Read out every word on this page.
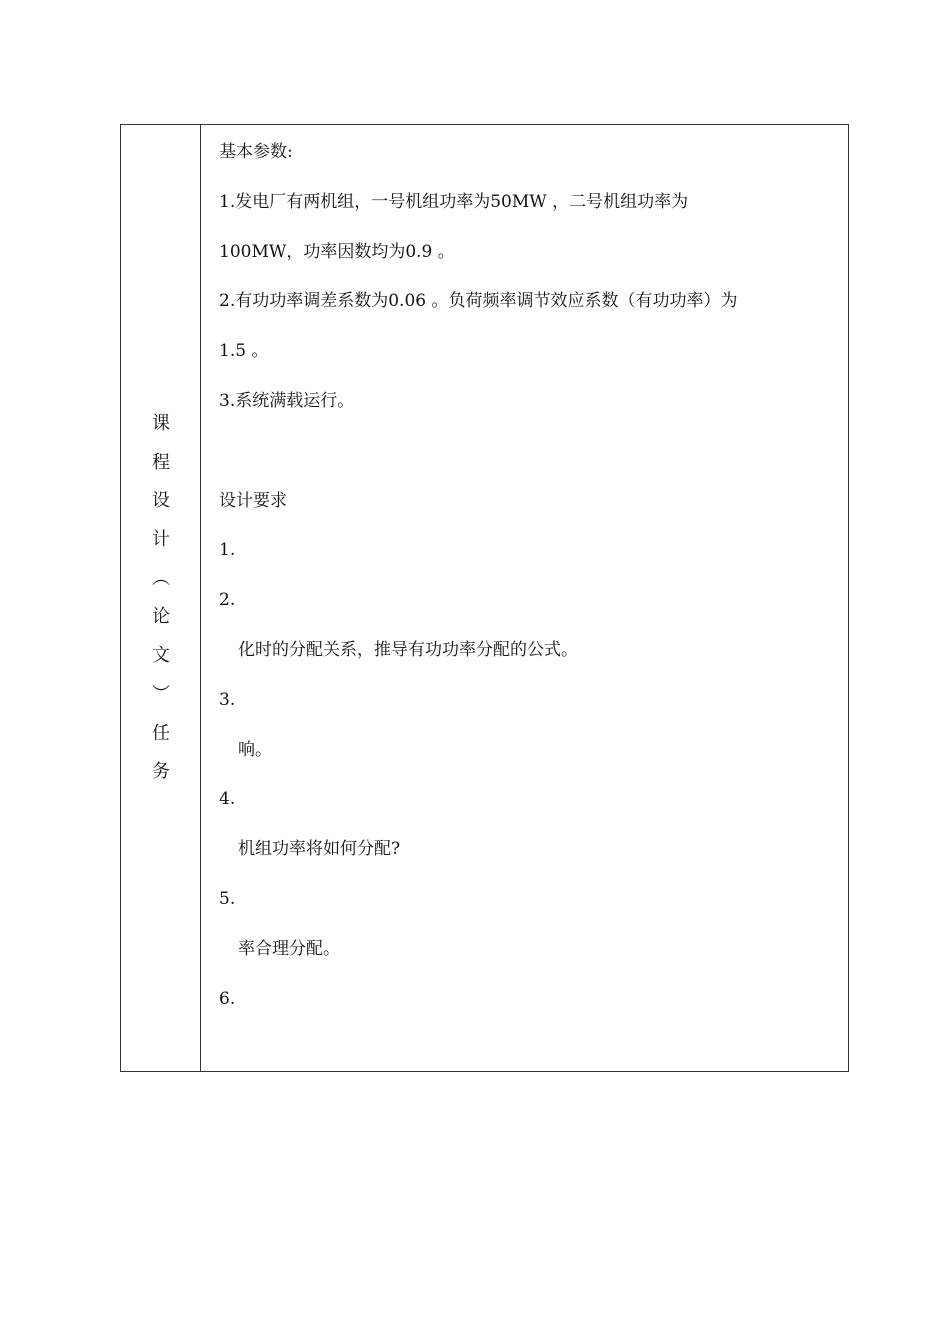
课
程
设
计
︵
论
文
︶
任
务
基本参数:
1.发电厂有两机组，一号机组功率为50MW ，二号机组功率为
100MW，功率因数均为0.9 。
2.有功功率调差系数为0.06 。负荷频率调节效应系数（有功功率）为
1.5 。
3.系统满载运行。
设计要求
1.
2.
化时的分配关系，推导有功功率分配的公式。
3.
响。
4.
机组功率将如何分配?
5.
率合理分配。
6.
